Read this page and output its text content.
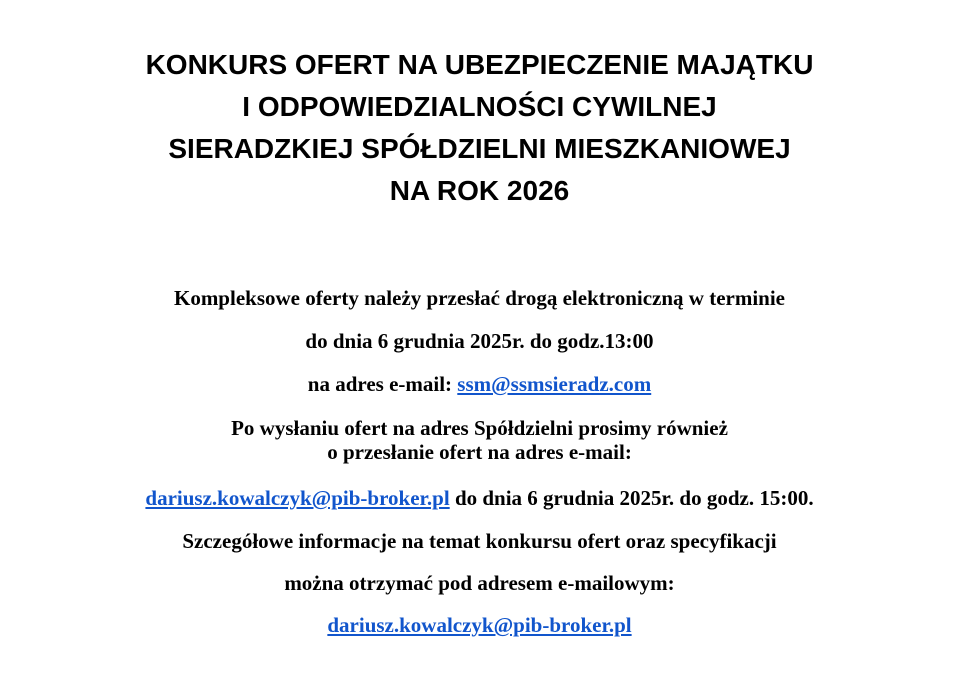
KONKURS OFERT NA UBEZPIECZENIE MAJĄTKU
I ODPOWIEDZIALNOŚCI CYWILNEJ
SIERADZKIEJ SPÓŁDZIELNI MIESZKANIOWEJ
NA ROK 2026
Kompleksowe oferty należy przesłać drogą elektroniczną w terminie
do dnia 6 grudnia 2025r. do godz.13:00
na adres e-mail: ssm@ssmsieradz.com
Po wysłaniu ofert na adres Spółdzielni prosimy również
o przesłanie ofert na adres e-mail:
dariusz.kowalczyk@pib-broker.pl do dnia 6 grudnia 2025r. do godz. 15:00.
Szczegółowe informacje na temat konkursu ofert oraz specyfikacji
można otrzymać pod adresem e-mailowym:
dariusz.kowalczyk@pib-broker.pl
